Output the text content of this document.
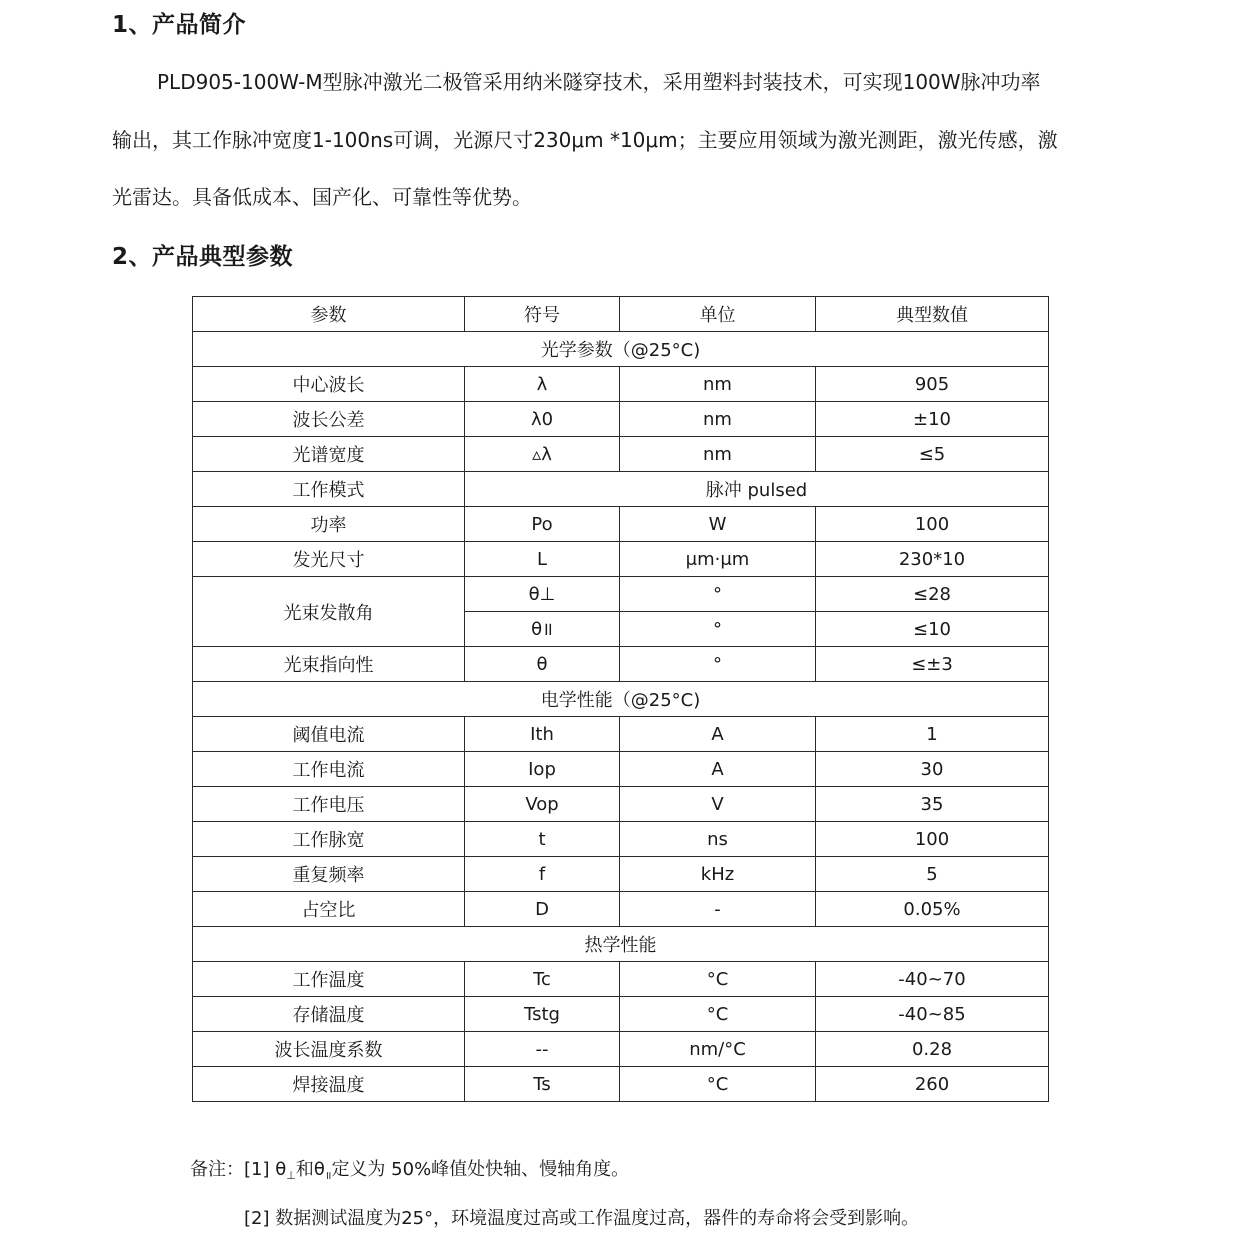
1、产品简介
PLD905-100W-M型脉冲激光二极管采用纳米隧穿技术，采用塑料封装技术，可实现100W脉冲功率
输出，其工作脉冲宽度1-100ns可调，光源尺寸230μm *10μm；主要应用领域为激光测距，激光传感，激
光雷达。具备低成本、国产化、可靠性等优势。
2、产品典型参数
参数	符号	单位	典型数值
光学参数（@25°C)			
中心波长	λ	nm	905
波长公差	λ0	nm	±10
光谱宽度	▵λ	nm	≤5
工作模式	脉冲 pulsed		
功率	Po	W	100
发光尺寸	L	μm·μm	230*10
光束发散角	θ⊥	°	≤28
	θ॥	°	≤10
光束指向性	θ	°	≤±3
电学性能（@25°C)			
阈值电流	Ith	A	1
工作电流	Iop	A	30
工作电压	Vop	V	35
工作脉宽	t	ns	100
重复频率	f	kHz	5
占空比	D	-	0.05%
热学性能			
工作温度	Tc	°C	-40~70
存储温度	Tstg	°C	-40~85
波长温度系数	--	nm/°C	0.28
焊接温度	Ts	°C	260
备注：[1] $\theta_\perp$和$\theta_॥$定义为 50%峰值处快轴、慢轴角度。
[2] 数据测试温度为25°，环境温度过高或工作温度过高，器件的寿命将会受到影响。
